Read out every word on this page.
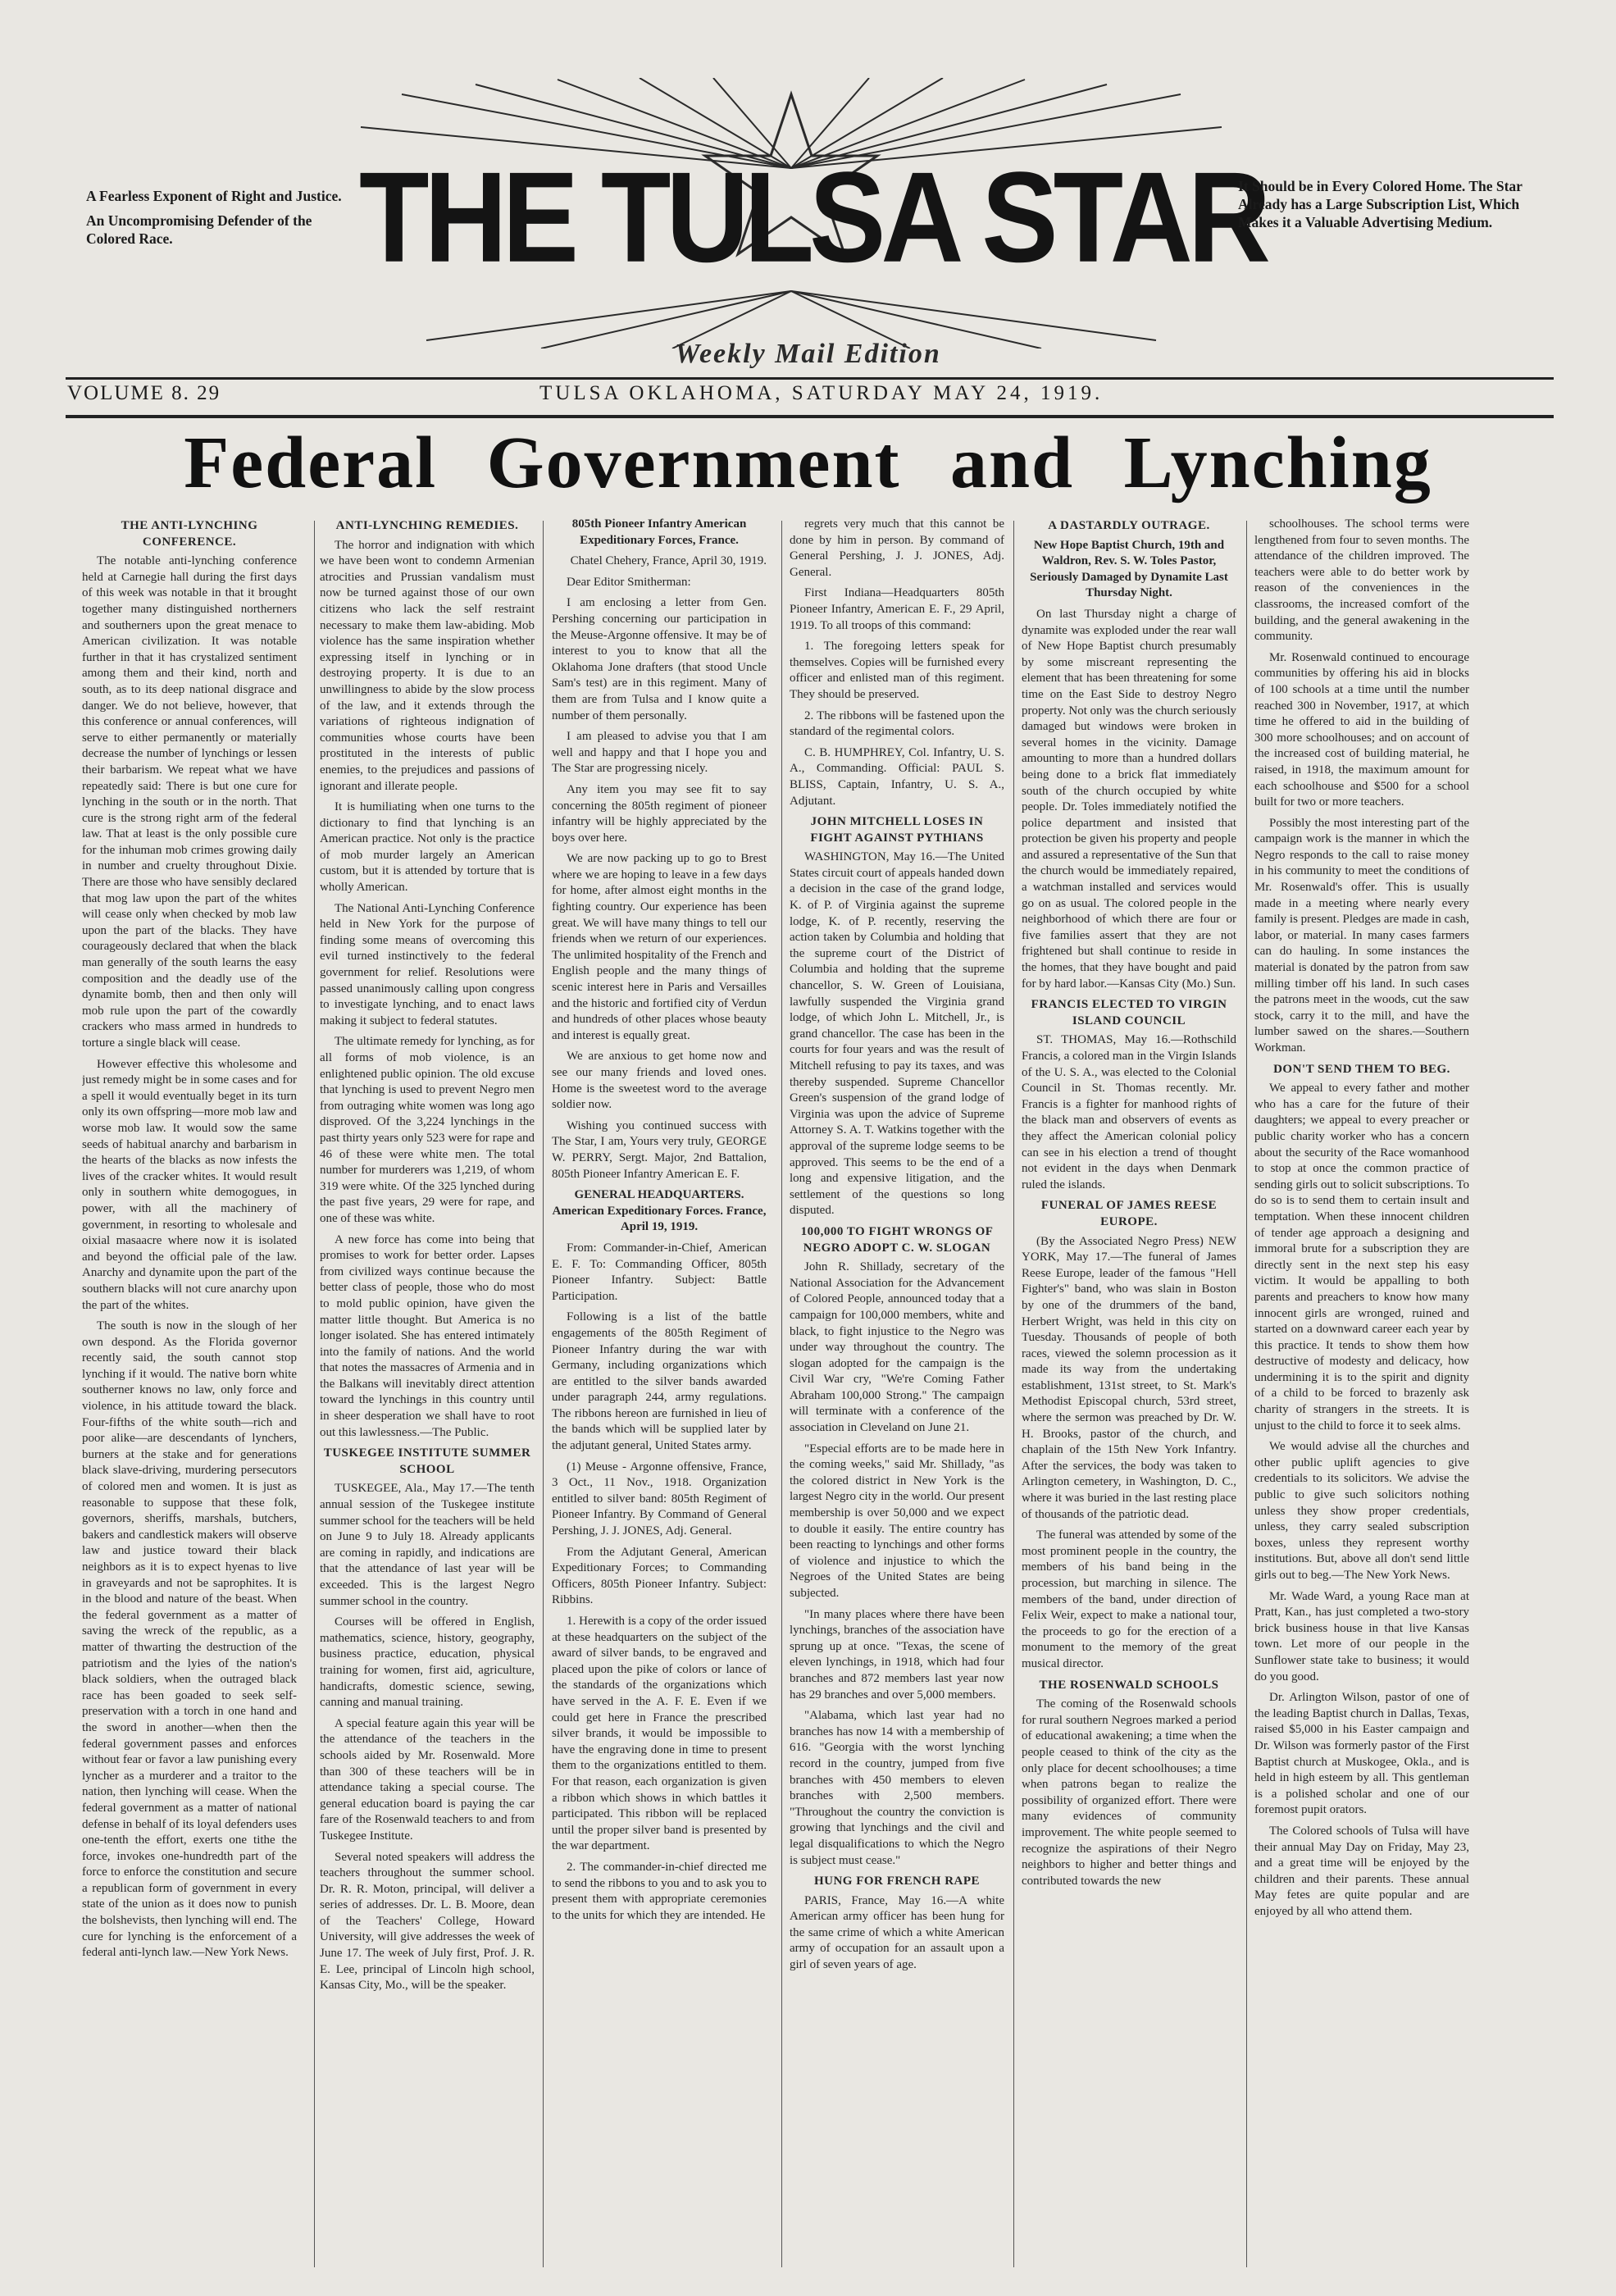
A Fearless Exponent of Right and Justice.

An Uncompromising Defender of the Colored Race.	THE TULSA STAR

It Should be in Every Colored Home. The Star Already has a Large Subscription List, Which Makes it a Valuable Advertising Medium.

Weekly Mail Edition
VOLUME 8. 29	TULSA OKLAHOMA, SATURDAY MAY 24, 1919.
Federal Government and Lynching
THE ANTI-LYNCHING CONFERENCE.

The notable anti-lynching conference held at Carnegie hall during the first days of this week was notable in that it brought together many distinguished northerners and southerners upon the great menace to American civilization. It was notable further in that it has crystalized sentiment among them and their kind, north and south, as to its deep national disgrace and danger. We do not believe, however, that this conference or annual conferences, will serve to either permanently or materially decrease the number of lynchings or lessen their barbarism. We repeat what we have repeatedly said: There is but one cure for lynching in the south or in the north. That cure is the strong right arm of the federal law. That at least is the only possible cure for the inhuman mob crimes growing daily in number and cruelty throughout Dixie. There are those who have sensibly declared that mog law upon the part of the whites will cease only when checked by mob law upon the part of the blacks. They have courageously declared that when the black man generally of the south learns the easy composition and the deadly use of the dynamite bomb, then and then only will mob rule upon the part of the cowardly crackers who mass armed in hundreds to torture a single black will cease.

However effective this wholesome and just remedy might be in some cases and for a spell it would eventually beget in its turn only its own offspring—more mob law and worse mob law. It would sow the same seeds of habitual anarchy and barbarism in the hearts of the blacks as now infests the lives of the cracker whites. It would result only in southern white demogogues, in power, with all the machinery of government, in resorting to wholesale and oixial masaacre where now it is isolated and beyond the official pale of the law. Anarchy and dynamite upon the part of the southern blacks will not cure anarchy upon the part of the whites.

The south is now in the slough of her own despond. As the Florida governor recently said, the south cannot stop lynching if it would. The native born white southerner knows no law, only force and violence, in his attitude toward the black. Four-fifths of the white south—rich and poor alike—are descendants of lynchers, burners at the stake and for generations black slave-driving, murdering persecutors of colored men and women. It is just as reasonable to suppose that these folk, governors, sheriffs, marshals, butchers, bakers and candlestick makers will observe law and justice toward their black neighbors as it is to expect hyenas to live in graveyards and not be saprophites. It is in the blood and nature of the beast. When the federal government as a matter of saving the wreck of the republic, as a matter of thwarting the destruction of the patriotism and the lyies of the nation's black soldiers, when the outraged black race has been goaded to seek self-preservation with a torch in one hand and the sword in another—when then the federal government passes and enforces without fear or favor a law punishing every lyncher as a murderer and a traitor to the nation, then lynching will cease. When the federal government as a matter of national defense in behalf of its loyal defenders uses one-tenth the effort, exerts one tithe the force, invokes one-hundredth part of the force to enforce the constitution and secure a republican form of government in every state of the union as it does now to punish the bolshevists, then lynching will end. The cure for lynching is the enforcement of a federal anti-lynch law.—New York News.

ANTI-LYNCHING REMEDIES.

The horror and indignation with which we have been wont to condemn Armenian atrocities and Prussian vandalism must now be turned against those of our own citizens who lack the self restraint necessary to make them law-abiding. Mob violence has the same inspiration whether expressing itself in lynching or in destroying property. It is due to an unwillingness to abide by the slow process of the law, and it extends through the variations of righteous indignation of communities whose courts have been prostituted in the interests of public enemies, to the prejudices and passions of ignorant and illerate people.

It is humiliating when one turns to the dictionary to find that lynching is an American practice. Not only is the practice of mob murder largely an American custom, but it is attended by torture that is wholly American.

The National Anti-Lynching Conference held in New York for the purpose of finding some means of overcoming this evil turned instinctively to the federal government for relief. Resolutions were passed unanimously calling upon congress to investigate lynching, and to enact laws making it subject to federal statutes.

The ultimate remedy for lynching, as for all forms of mob violence, is an enlightened public opinion. The old excuse that lynching is used to prevent Negro men from outraging white women was long ago disproved. Of the 3,224 lynchings in the past thirty years only 523 were for rape and 46 of these were white men. The total number for murderers was 1,219, of whom 319 were white. Of the 325 lynched during the past five years, 29 were for rape, and one of these was white.

A new force has come into being that promises to work for better order. Lapses from civilized ways continue because the better class of people, those who do most to mold public opinion, have given the matter little thought. But America is no longer isolated. She has entered intimately into the family of nations. And the world that notes the massacres of Armenia and in the Balkans will inevitably direct attention toward the lynchings in this country until in sheer desperation we shall have to root out this lawlessness.—The Public.

TUSKEGEE INSTITUTE SUMMER SCHOOL

TUSKEGEE, Ala., May 17.—The tenth annual session of the Tuskegee institute summer school for the teachers will be held on June 9 to July 18. Already applicants are coming in rapidly, and indications are that the attendance of last year will be exceeded. This is the largest Negro summer school in the country.

Courses will be offered in English, mathematics, science, history, geography, business practice, education, physical training for women, first aid, agriculture, handicrafts, domestic science, sewing, canning and manual training.

A special feature again this year will be the attendance of the teachers in the schools aided by Mr. Rosenwald. More than 300 of these teachers will be in attendance taking a special course. The general education board is paying the car fare of the Rosenwald teachers to and from Tuskegee Institute.

Several noted speakers will address the teachers throughout the summer school. Dr. R. R. Moton, principal, will deliver a series of addresses. Dr. L. B. Moore, dean of the Teachers' College, Howard University, will give addresses the week of June 17. The week of July first, Prof. J. R. E. Lee, principal of Lincoln high school, Kansas City, Mo., will be the speaker.

805th Pioneer Infantry American Expeditionary Forces, France.

Chatel Chehery, France, April 30, 1919.

Dear Editor Smitherman:

I am enclosing a letter from Gen. Pershing concerning our participation in the Meuse-Argonne offensive. It may be of interest to you to know that all the Oklahoma Jone drafters (that stood Uncle Sam's test) are in this regiment. Many of them are from Tulsa and I know quite a number of them personally.

I am pleased to advise you that I am well and happy and that I hope you and The Star are progressing nicely.

Any item you may see fit to say concerning the 805th regiment of pioneer infantry will be highly appreciated by the boys over here.

We are now packing up to go to Brest where we are hoping to leave in a few days for home, after almost eight months in the fighting country. Our experience has been great. We will have many things to tell our friends when we return of our experiences. The unlimited hospitality of the French and English people and the many things of scenic interest here in Paris and Versailles and the historic and fortified city of Verdun and hundreds of other places whose beauty and interest is equally great.

We are anxious to get home now and see our many friends and loved ones. Home is the sweetest word to the average soldier now.

Wishing you continued success with The Star, I am, Yours very truly, GEORGE W. PERRY, Sergt. Major, 2nd Battalion, 805th Pioneer Infantry American E. F.

GENERAL HEADQUARTERS. American Expeditionary Forces. France, April 19, 1919.

From: Commander-in-Chief, American E. F. To: Commanding Officer, 805th Pioneer Infantry. Subject: Battle Participation.

Following is a list of the battle engagements of the 805th Regiment of Pioneer Infantry during the war with Germany, including organizations which are entitled to the silver bands awarded under paragraph 244, army regulations. The ribbons hereon are furnished in lieu of the bands which will be supplied later by the adjutant general, United States army.

(1) Meuse - Argonne offensive, France, 3 Oct., 11 Nov., 1918. Organization entitled to silver band: 805th Regiment of Pioneer Infantry. By Command of General Pershing, J. J. JONES, Adj. General.

From the Adjutant General, American Expeditionary Forces; to Commanding Officers, 805th Pioneer Infantry. Subject: Ribbins.

1. Herewith is a copy of the order issued at these headquarters on the subject of the award of silver bands, to be engraved and placed upon the pike of colors or lance of the standards of the organizations which have served in the A. F. E. Even if we could get here in France the prescribed silver brands, it would be impossible to have the engraving done in time to present them to the organizations entitled to them. For that reason, each organization is given a ribbon which shows in which battles it participated. This ribbon will be replaced until the proper silver band is presented by the war department.

2. The commander-in-chief directed me to send the ribbons to you and to ask you to present them with appropriate ceremonies to the units for which they are intended. He

regrets very much that this cannot be done by him in person. By command of General Pershing, J. J. JONES, Adj. General.

First Indiana—Headquarters 805th Pioneer Infantry, American E. F., 29 April, 1919. To all troops of this command:

1. The foregoing letters speak for themselves. Copies will be furnished every officer and enlisted man of this regiment. They should be preserved.

2. The ribbons will be fastened upon the standard of the regimental colors.

C. B. HUMPHREY, Col. Infantry, U. S. A., Commanding. Official: PAUL S. BLISS, Captain, Infantry, U. S. A., Adjutant.

JOHN MITCHELL LOSES IN FIGHT AGAINST PYTHIANS

WASHINGTON, May 16.—The United States circuit court of appeals handed down a decision in the case of the grand lodge, K. of P. of Virginia against the supreme lodge, K. of P. recently, reserving the action taken by Columbia and holding that the supreme court of the District of Columbia and holding that the supreme chancellor, S. W. Green of Louisiana, lawfully suspended the Virginia grand lodge, of which John L. Mitchell, Jr., is grand chancellor. The case has been in the courts for four years and was the result of Mitchell refusing to pay its taxes, and was thereby suspended. Supreme Chancellor Green's suspension of the grand lodge of Virginia was upon the advice of Supreme Attorney S. A. T. Watkins together with the approval of the supreme lodge seems to be approved. This seems to be the end of a long and expensive litigation, and the settlement of the questions so long disputed.

100,000 TO FIGHT WRONGS OF NEGRO ADOPT C. W. SLOGAN

John R. Shillady, secretary of the National Association for the Advancement of Colored People, announced today that a campaign for 100,000 members, white and black, to fight injustice to the Negro was under way throughout the country. The slogan adopted for the campaign is the Civil War cry, "We're Coming Father Abraham 100,000 Strong." The campaign will terminate with a conference of the association in Cleveland on June 21.

"Especial efforts are to be made here in the coming weeks," said Mr. Shillady, "as the colored district in New York is the largest Negro city in the world. Our present membership is over 50,000 and we expect to double it easily. The entire country has been reacting to lynchings and other forms of violence and injustice to which the Negroes of the United States are being subjected.

"In many places where there have been lynchings, branches of the association have sprung up at once. "Texas, the scene of eleven lynchings, in 1918, which had four branches and 872 members last year now has 29 branches and over 5,000 members.

"Alabama, which last year had no branches has now 14 with a membership of 616. "Georgia with the worst lynching record in the country, jumped from five branches with 450 members to eleven branches with 2,500 members. "Throughout the country the conviction is growing that lynchings and the civil and legal disqualifications to which the Negro is subject must cease."

HUNG FOR FRENCH RAPE

PARIS, France, May 16.—A white American army officer has been hung for the same crime of which a white American army of occupation for an assault upon a girl of seven years of age.

A DASTARDLY OUTRAGE.

New Hope Baptist Church, 19th and Waldron, Rev. S. W. Toles Pastor, Seriously Damaged by Dynamite Last Thursday Night.

On last Thursday night a charge of dynamite was exploded under the rear wall of New Hope Baptist church presumably by some miscreant representing the element that has been threatening for some time on the East Side to destroy Negro property. Not only was the church seriously damaged but windows were broken in several homes in the vicinity. Damage amounting to more than a hundred dollars being done to a brick flat immediately south of the church occupied by white people. Dr. Toles immediately notified the police department and insisted that protection be given his property and people and assured a representative of the Sun that the church would be immediately repaired, a watchman installed and services would go on as usual. The colored people in the neighborhood of which there are four or five families assert that they are not frightened but shall continue to reside in the homes, that they have bought and paid for by hard labor.—Kansas City (Mo.) Sun.

FRANCIS ELECTED TO VIRGIN ISLAND COUNCIL

ST. THOMAS, May 16.—Rothschild Francis, a colored man in the Virgin Islands of the U. S. A., was elected to the Colonial Council in St. Thomas recently. Mr. Francis is a fighter for manhood rights of the black man and observers of events as they affect the American colonial policy can see in his election a trend of thought not evident in the days when Denmark ruled the islands.

FUNERAL OF JAMES REESE EUROPE.

(By the Associated Negro Press) NEW YORK, May 17.—The funeral of James Reese Europe, leader of the famous "Hell Fighter's" band, who was slain in Boston by one of the drummers of the band, Herbert Wright, was held in this city on Tuesday. Thousands of people of both races, viewed the solemn procession as it made its way from the undertaking establishment, 131st street, to St. Mark's Methodist Episcopal church, 53rd street, where the sermon was preached by Dr. W. H. Brooks, pastor of the church, and chaplain of the 15th New York Infantry. After the services, the body was taken to Arlington cemetery, in Washington, D. C., where it was buried in the last resting place of thousands of the patriotic dead.

The funeral was attended by some of the most prominent people in the country, the members of his band being in the procession, but marching in silence. The members of the band, under direction of Felix Weir, expect to make a national tour, the proceeds to go for the erection of a monument to the memory of the great musical director.

THE ROSENWALD SCHOOLS

The coming of the Rosenwald schools for rural southern Negroes marked a period of educational awakening; a time when the people ceased to think of the city as the only place for decent schoolhouses; a time when patrons began to realize the possibility of organized effort. There were many evidences of community improvement. The white people seemed to recognize the aspirations of their Negro neighbors to higher and better things and contributed towards the new

schoolhouses. The school terms were lengthened from four to seven months. The attendance of the children improved. The teachers were able to do better work by reason of the conveniences in the classrooms, the increased comfort of the building, and the general awakening in the community.

Mr. Rosenwald continued to encourage communities by offering his aid in blocks of 100 schools at a time until the number reached 300 in November, 1917, at which time he offered to aid in the building of 300 more schoolhouses; and on account of the increased cost of building material, he raised, in 1918, the maximum amount for each schoolhouse and $500 for a school built for two or more teachers.

Possibly the most interesting part of the campaign work is the manner in which the Negro responds to the call to raise money in his community to meet the conditions of Mr. Rosenwald's offer. This is usually made in a meeting where nearly every family is present. Pledges are made in cash, labor, or material. In many cases farmers can do hauling. In some instances the material is donated by the patron from saw milling timber off his land. In such cases the patrons meet in the woods, cut the saw stock, carry it to the mill, and have the lumber sawed on the shares.—Southern Workman.

DON'T SEND THEM TO BEG.

We appeal to every father and mother who has a care for the future of their daughters; we appeal to every preacher or public charity worker who has a concern about the security of the Race womanhood to stop at once the common practice of sending girls out to solicit subscriptions. To do so is to send them to certain insult and temptation. When these innocent children of tender age approach a designing and immoral brute for a subscription they are directly sent in the next step his easy victim. It would be appalling to both parents and preachers to know how many innocent girls are wronged, ruined and started on a downward career each year by this practice. It tends to show them how destructive of modesty and delicacy, how undermining it is to the spirit and dignity of a child to be forced to brazenly ask charity of strangers in the streets. It is unjust to the child to force it to seek alms.

We would advise all the churches and other public uplift agencies to give credentials to its solicitors. We advise the public to give such solicitors nothing unless they show proper credentials, unless, they carry sealed subscription boxes, unless they represent worthy institutions. But, above all don't send little girls out to beg.—The New York News.

Mr. Wade Ward, a young Race man at Pratt, Kan., has just completed a two-story brick business house in that live Kansas town. Let more of our people in the Sunflower state take to business; it would do you good.

Dr. Arlington Wilson, pastor of one of the leading Baptist church in Dallas, Texas, raised $5,000 in his Easter campaign and Dr. Wilson was formerly pastor of the First Baptist church at Muskogee, Okla., and is held in high esteem by all. This gentleman is a polished scholar and one of our foremost pupit orators.

The Colored schools of Tulsa will have their annual May Day on Friday, May 23, and a great time will be enjoyed by the children and their parents. These annual May fetes are quite popular and are enjoyed by all who attend them.
